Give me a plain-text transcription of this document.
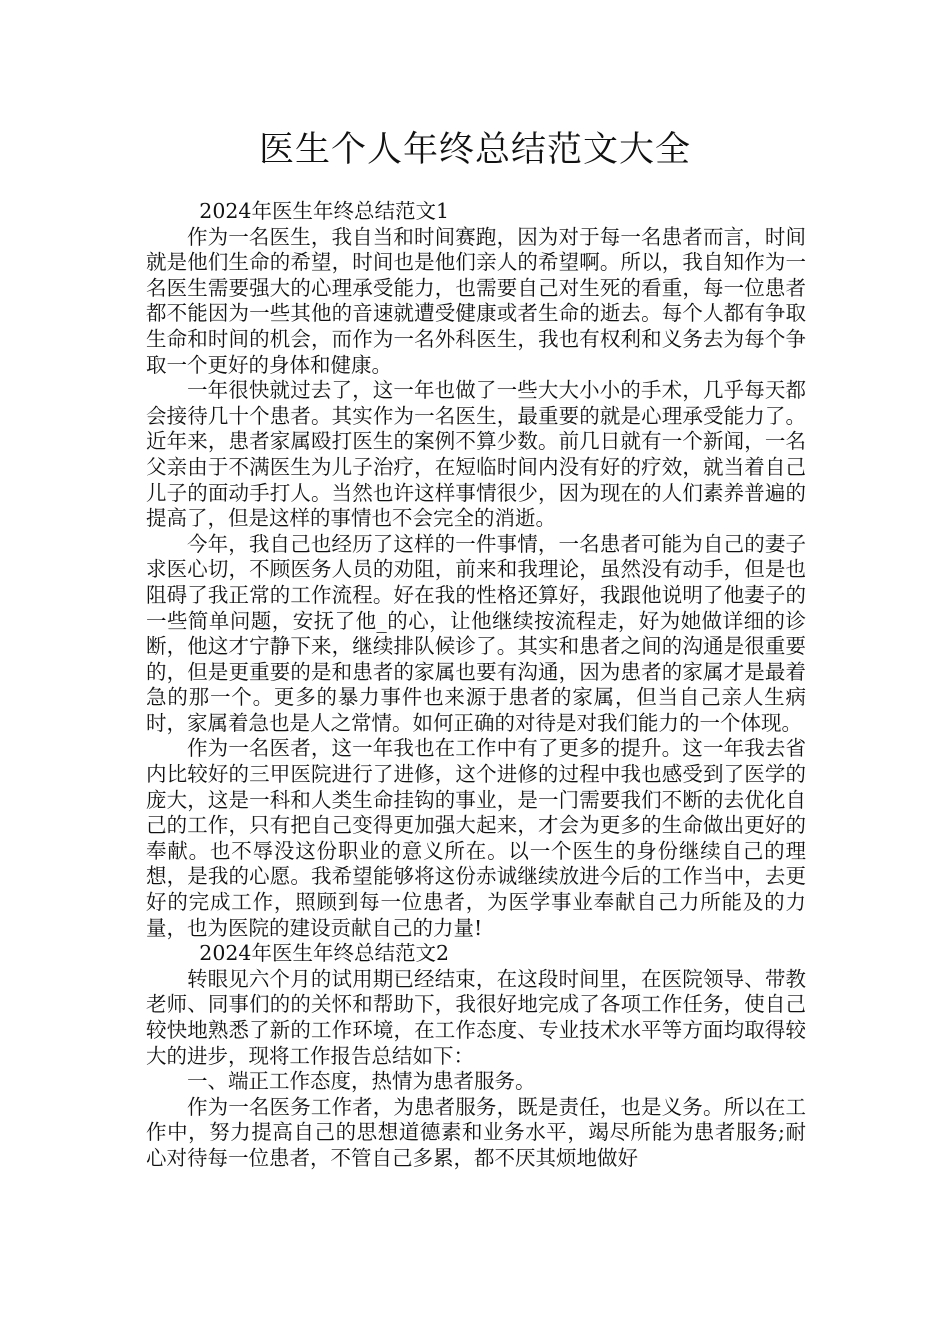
医生个人年终总结范文大全

2024年医生年终总结范文1

作为一名医生，我自当和时间赛跑，因为对于每一名患者而言，时间就是他们生命的希望，时间也是他们亲人的希望啊。所以，我自知作为一名医生需要强大的心理承受能力，也需要自己对生死的看重，每一位患者都不能因为一些其他的音速就遭受健康或者生命的逝去。每个人都有争取生命和时间的机会，而作为一名外科医生，我也有权利和义务去为每个争取一个更好的身体和健康。

一年很快就过去了，这一年也做了一些大大小小的手术，几乎每天都会接待几十个患者。其实作为一名医生，最重要的就是心理承受能力了。近年来，患者家属殴打医生的案例不算少数。前几日就有一个新闻，一名父亲由于不满医生为儿子治疗，在短临时间内没有好的疗效，就当着自己儿子的面动手打人。当然也许这样事情很少，因为现在的人们素养普遍的提高了，但是这样的事情也不会完全的消逝。

今年，我自己也经历了这样的一件事情，一名患者可能为自己的妻子求医心切，不顾医务人员的劝阻，前来和我理论，虽然没有动手，但是也阻碍了我正常的工作流程。好在我的性格还算好，我跟他说明了他妻子的一些简单问题，安抚了他_的心，让他继续按流程走，好为她做详细的诊断，他这才宁静下来，继续排队候诊了。其实和患者之间的沟通是很重要的，但是更重要的是和患者的家属也要有沟通，因为患者的家属才是最着急的那一个。更多的暴力事件也来源于患者的家属，但当自己亲人生病时，家属着急也是人之常情。如何正确的对待是对我们能力的一个体现。

作为一名医者，这一年我也在工作中有了更多的提升。这一年我去省内比较好的三甲医院进行了进修，这个进修的过程中我也感受到了医学的庞大，这是一科和人类生命挂钩的事业，是一门需要我们不断的去优化自己的工作，只有把自己变得更加强大起来，才会为更多的生命做出更好的奉献。也不辱没这份职业的意义所在。以一个医生的身份继续自己的理想，是我的心愿。我希望能够将这份赤诚继续放进今后的工作当中，去更好的完成工作，照顾到每一位患者，为医学事业奉献自己力所能及的力量，也为医院的建设贡献自己的力量!

2024年医生年终总结范文2

转眼见六个月的试用期已经结束，在这段时间里，在医院领导、带教老师、同事们的的关怀和帮助下，我很好地完成了各项工作任务，使自己较快地熟悉了新的工作环境，在工作态度、专业技术水平等方面均取得较大的进步，现将工作报告总结如下：

一、端正工作态度，热情为患者服务。

作为一名医务工作者，为患者服务，既是责任，也是义务。所以在工作中，努力提高自己的思想道德素和业务水平，竭尽所能为患者服务;耐心对待每一位患者，不管自己多累，都不厌其烦地做好
